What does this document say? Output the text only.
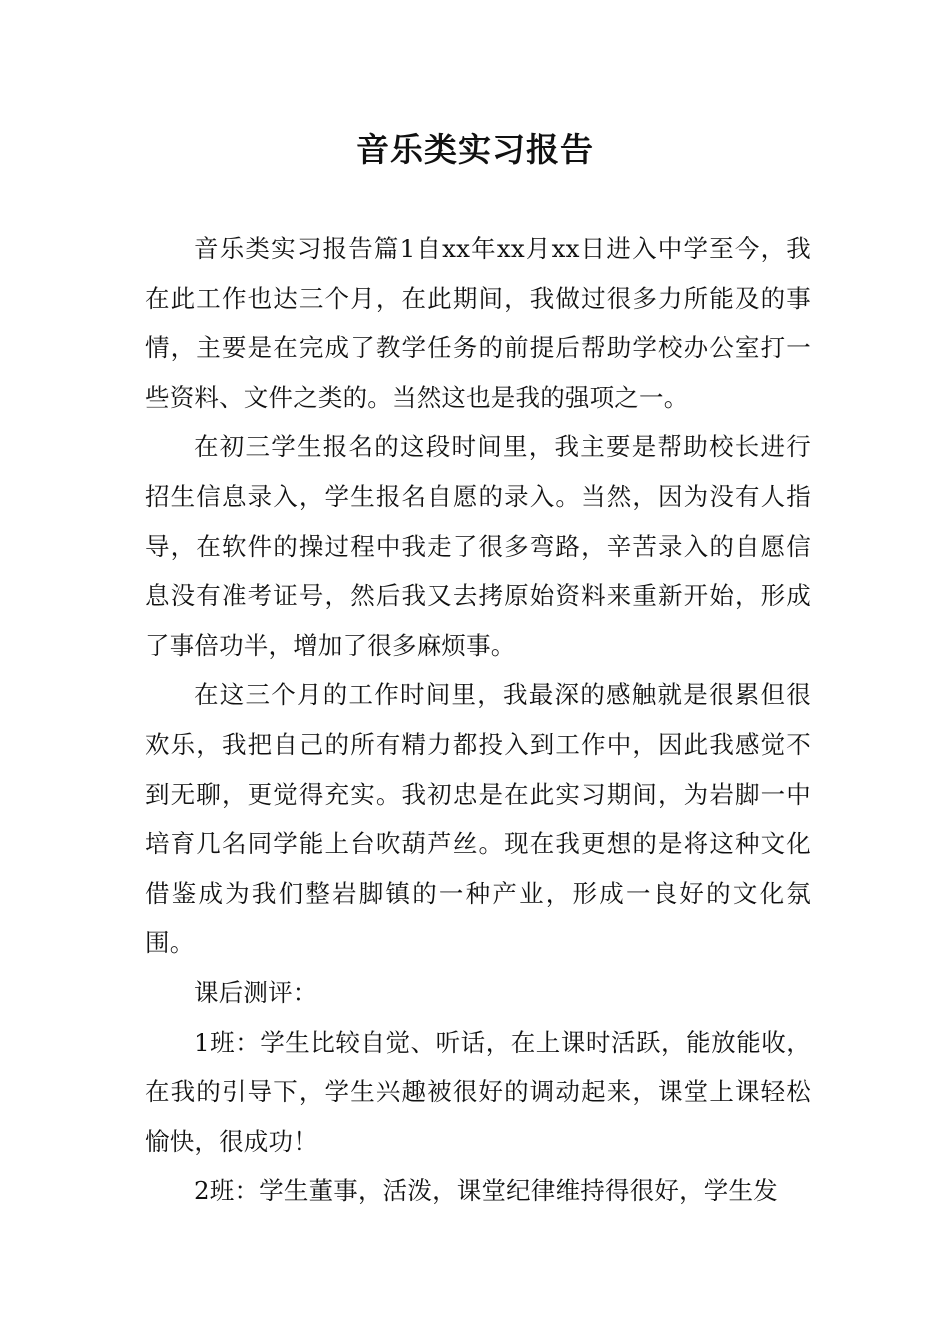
音乐类实习报告

音乐类实习报告篇1自xx年xx月xx日进入中学至今，我在此工作也达三个月，在此期间，我做过很多力所能及的事情，主要是在完成了教学任务的前提后帮助学校办公室打一些资料、文件之类的。当然这也是我的强项之一。

在初三学生报名的这段时间里，我主要是帮助校长进行招生信息录入，学生报名自愿的录入。当然，因为没有人指导，在软件的操过程中我走了很多弯路，辛苦录入的自愿信息没有准考证号，然后我又去拷原始资料来重新开始，形成了事倍功半，增加了很多麻烦事。

在这三个月的工作时间里，我最深的感触就是很累但很欢乐，我把自己的所有精力都投入到工作中，因此我感觉不到无聊，更觉得充实。我初忠是在此实习期间，为岩脚一中培育几名同学能上台吹葫芦丝。现在我更想的是将这种文化借鉴成为我们整岩脚镇的一种产业，形成一良好的文化氛围。

课后测评：

1班：学生比较自觉、听话，在上课时活跃，能放能收，在我的引导下，学生兴趣被很好的调动起来，课堂上课轻松愉快，很成功！

2班：学生董事，活泼，课堂纪律维持得很好，学生发
